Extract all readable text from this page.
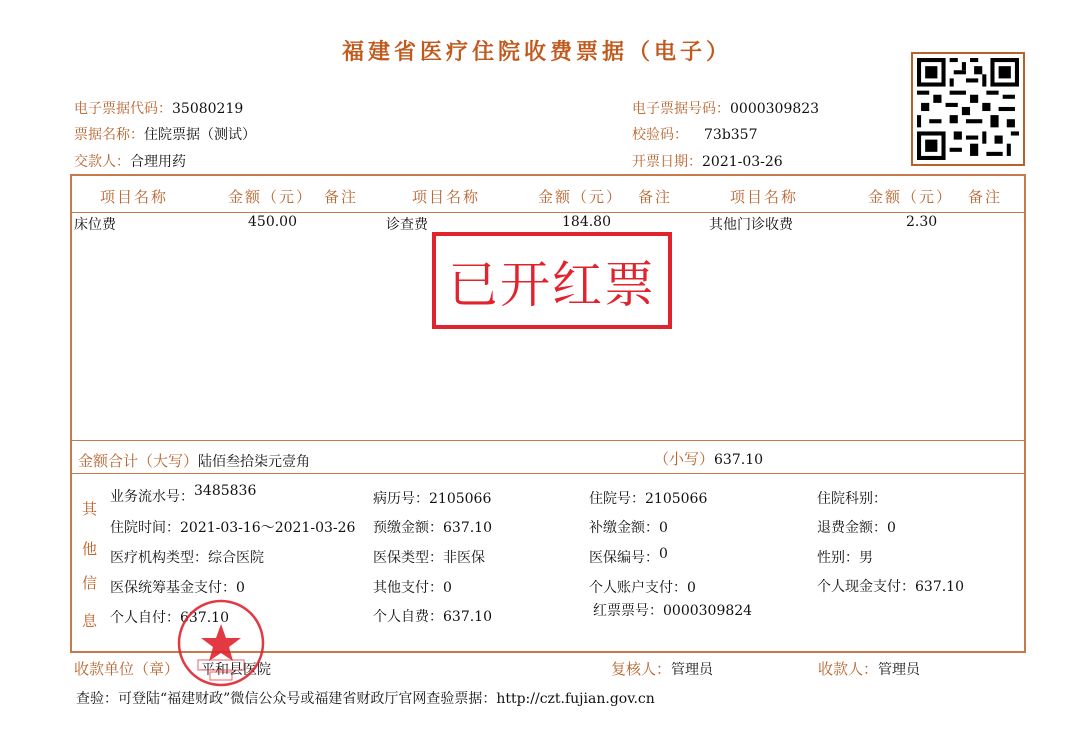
福建省医疗住院收费票据（电子）
电子票据代码：35080219
票据名称：住院票据（测试）
交款人：合理用药
电子票据号码：0000309823
校验码： 73b357
开票日期：2021-03-26
项目名称	金额（元） 备注	项目名称	金额（元） 备注	项目名称	金额（元） 备注
床位费	450.00	诊查费	184.80	其他门诊收费	2.30
金额合计（大写）陆佰叁拾柒元壹角	（小写）637.10
其
他
信
息
业务流水号：3485836	病历号：2105066	住院号：2105066	住院科别：
住院时间：2021-03-16～2021-03-26 预缴金额：637.10	补缴金额：0	退费金额：0
医疗机构类型：综合医院	医保类型：非医保	医保编号：0	性别：男
医保统筹基金支付：0	其他支付：0	个人账户支付：0	个人现金支付：637.10
个人自付：637.10	个人自费：637.10	红票票号：0000309824
已开红票
收款单位（章） 平和县医院	复核人：管理员	收款人：管理员
查验：可登陆“福建财政”微信公众号或福建省财政厅官网查验票据：http://czt.fujian.gov.cn
